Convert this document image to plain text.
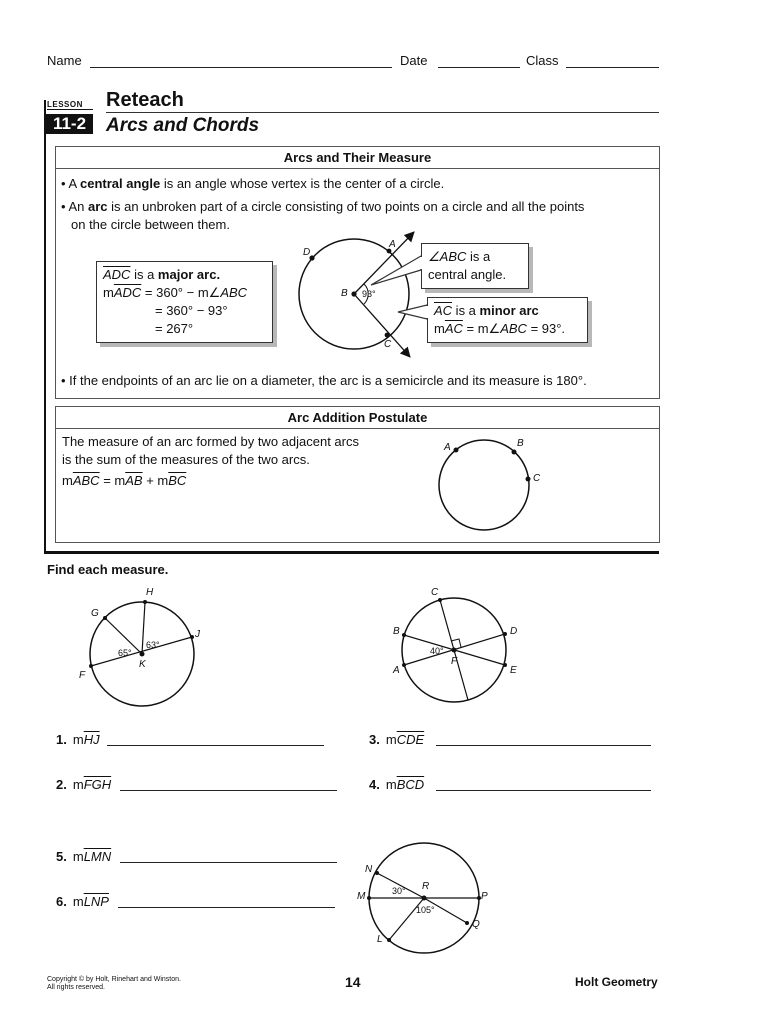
Name	Date	Class
LESSON
11-2
Reteach
Arcs and Chords
Arcs and Their Measure
• A central angle is an angle whose vertex is the center of a circle.
• An arc is an unbroken part of a circle consisting of two points on a circle and all the points
on the circle between them.
• If the endpoints of an arc lie on a diameter, the arc is a semicircle and its measure is 180°.
$\overline{ADC}$ is a major arc.
$m\overline{ADC} = 360^\circ$ − m∠ABC
= 360° − 93°
= 267°
∠ABC is a
central angle.
$\overline{AC}$ is a minor arc
$m\overline{AC}$ = m∠ABC = 93°.
D
A
B 93°
C
Arc Addition Postulate
The measure of an arc formed by two adjacent arcs
is the sum of the measures of the two arcs.
$m\overline{ABC} = m\overline{AB} + m\overline{BC}$
A	B
C
Find each measure.
H
G
J
F
K
65°
63°
C
B	D
A	E
F
40°
1. $m\overline{HJ}$
2. $m\overline{FGH}$
3. $m\overline{CDE}$
4. $m\overline{BCD}$
5. $m\overline{LMN}$
6. $m\overline{LNP}$
N
M
R
P
L
Q
30°
105°
Copyright © by Holt, Rinehart and Winston.
All rights reserved.	14	Holt Geometry
